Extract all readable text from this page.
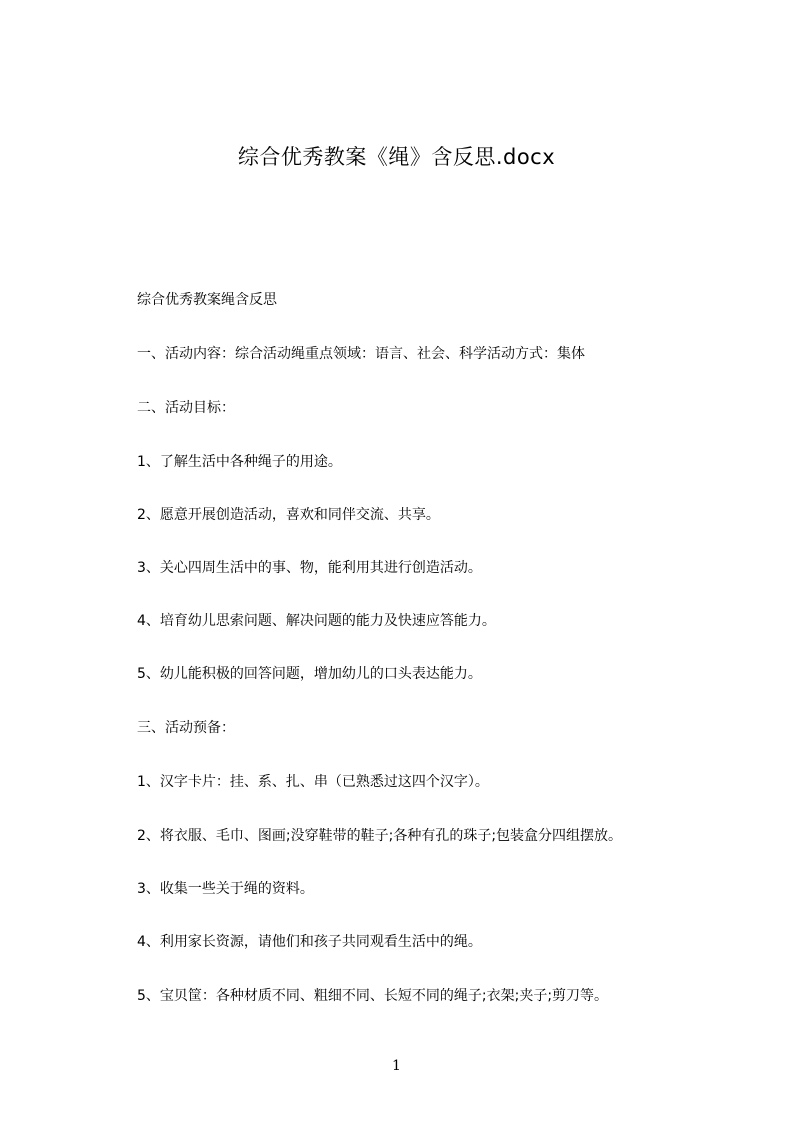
综合优秀教案《绳》含反思.docx
综合优秀教案绳含反思
一、活动内容：综合活动绳重点领域：语言、社会、科学活动方式：集体
二、活动目标：
1、了解生活中各种绳子的用途。
2、愿意开展创造活动，喜欢和同伴交流、共享。
3、关心四周生活中的事、物，能利用其进行创造活动。
4、培育幼儿思索问题、解决问题的能力及快速应答能力。
5、幼儿能积极的回答问题，增加幼儿的口头表达能力。
三、活动预备：
1、汉字卡片：挂、系、扎、串（已熟悉过这四个汉字）。
2、将衣服、毛巾、图画;没穿鞋带的鞋子;各种有孔的珠子;包装盒分四组摆放。
3、收集一些关于绳的资料。
4、利用家长资源，请他们和孩子共同观看生活中的绳。
5、宝贝筐：各种材质不同、粗细不同、长短不同的绳子;衣架;夹子;剪刀等。
1
